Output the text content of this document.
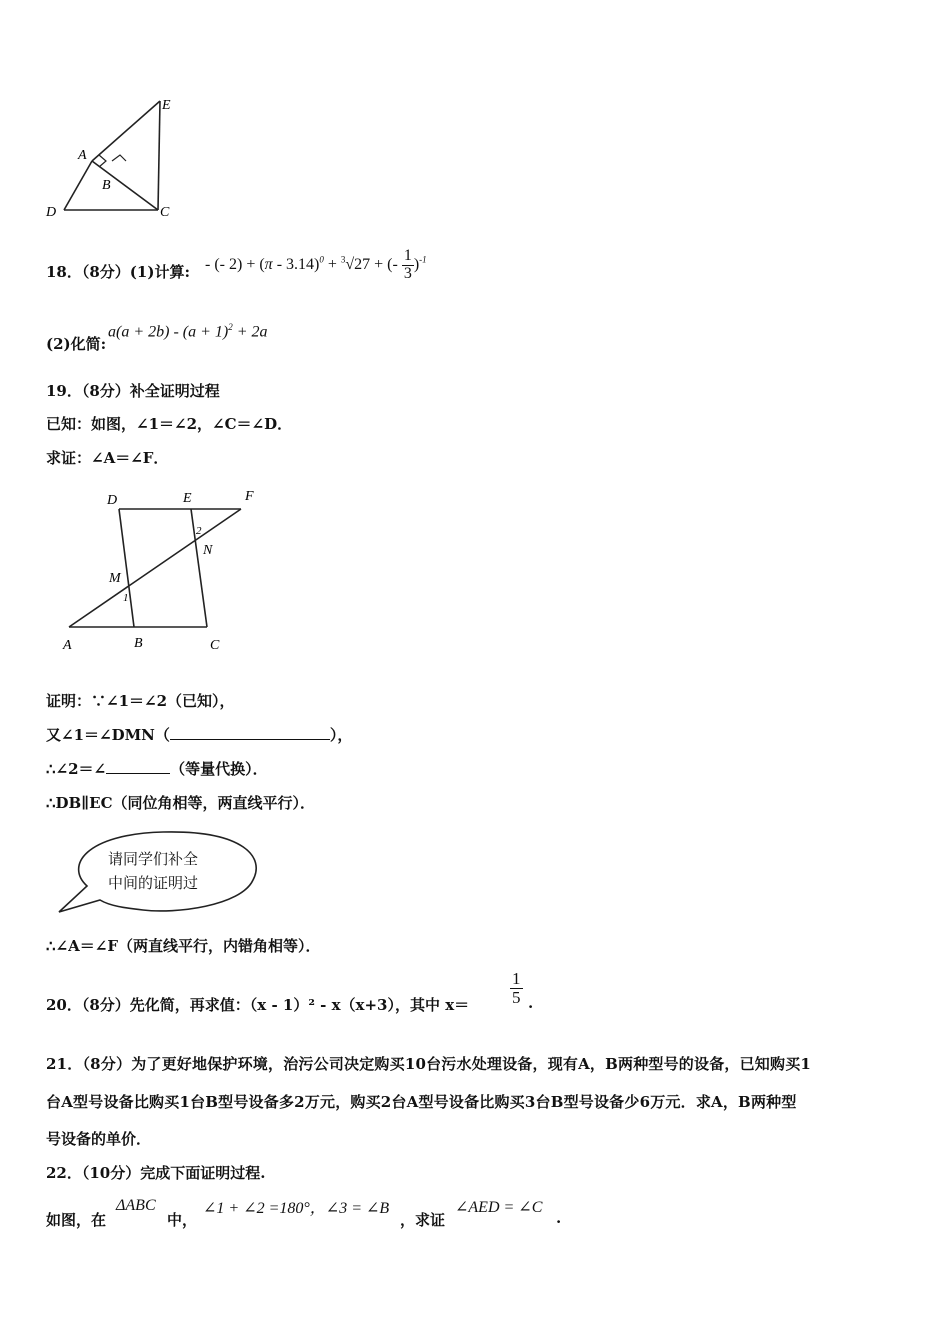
E
A
B
D	C
18．（8分）(1)计算: - (- 2) + (π - 3.14)$^0$ + $^3$√27 + (- $\frac{1}{3} )^{-1}$
(2)化简:
$a(a + 2b) - (a + 1)^2 + 2a$
19．（8分）补全证明过程
已知：如图，∠1＝∠2，∠C＝∠D．
求证：∠A＝∠F．
D	E	F
2
N
M
1
A	B	C
证明：∵∠1＝∠2（已知），
又∠1＝∠DMN（	），
∴∠2＝∠	（等量代换）．
∴DB∥EC（同位角相等，两直线平行）．
请同学们补全
中间的证明过
∴∠A＝∠F（两直线平行，内错角相等）．
20．（8分）先化简，再求值：（x - 1）² - x（x+3），其中 $x= \frac{1}{5}$ .
21．（8分）为了更好地保护环境，治污公司决定购买10台污水处理设备，现有A，B两种型号的设备，已知购买1
台A型号设备比购买1台B型号设备多2万元，购买2台A型号设备比购买3台B型号设备少6万元．求A，B两种型
号设备的单价．
22．（10分）完成下面证明过程.
如图，在
ΔABC
中，
∠1 + ∠2 =180°，∠3 = ∠B
，求证
∠AED = ∠C
.
